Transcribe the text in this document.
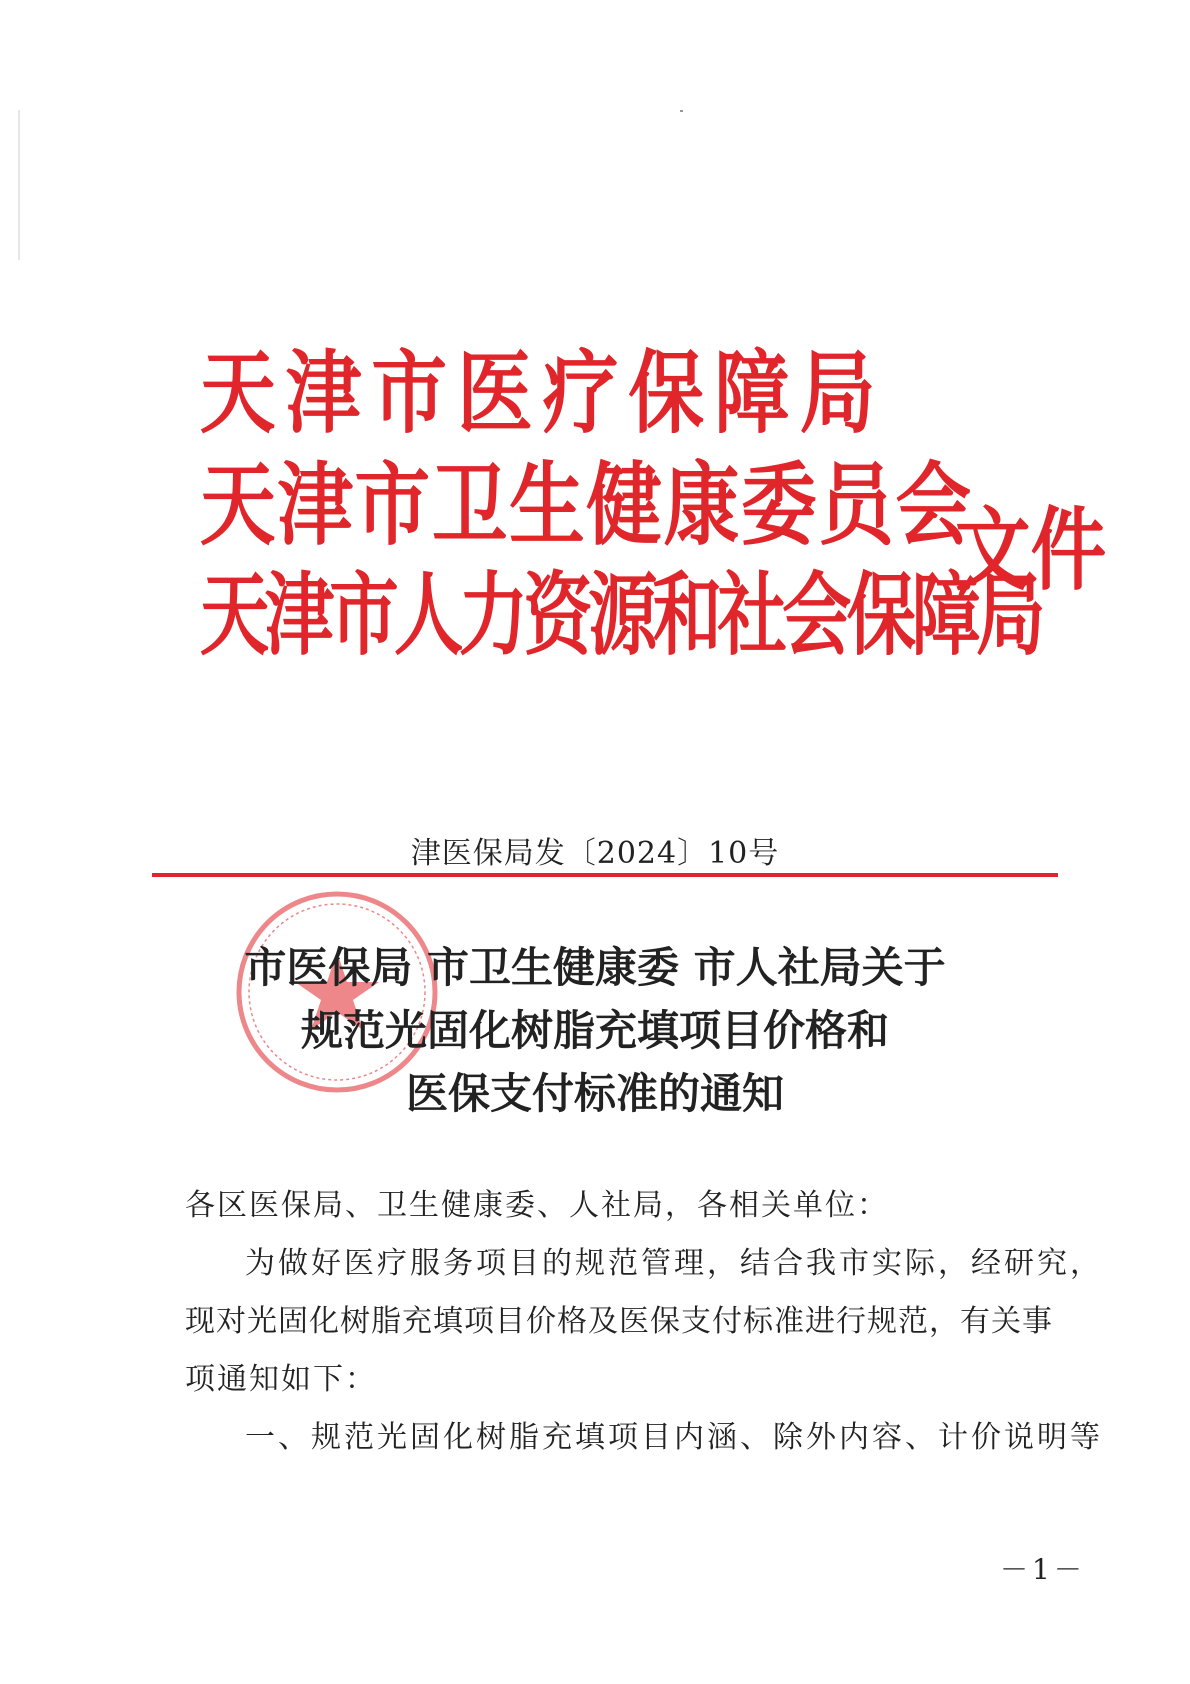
天津市医疗保障局
天津市卫生健康委员会
文件
天津市人力资源和社会保障局
津医保局发〔2024〕10号
市医保局 市卫生健康委 市人社局关于
规范光固化树脂充填项目价格和
医保支付标准的通知
各区医保局、卫生健康委、人社局，各相关单位：
为做好医疗服务项目的规范管理，结合我市实际，经研究，
现对光固化树脂充填项目价格及医保支付标准进行规范，有关事
项通知如下：
一、规范光固化树脂充填项目内涵、除外内容、计价说明等
－1－
